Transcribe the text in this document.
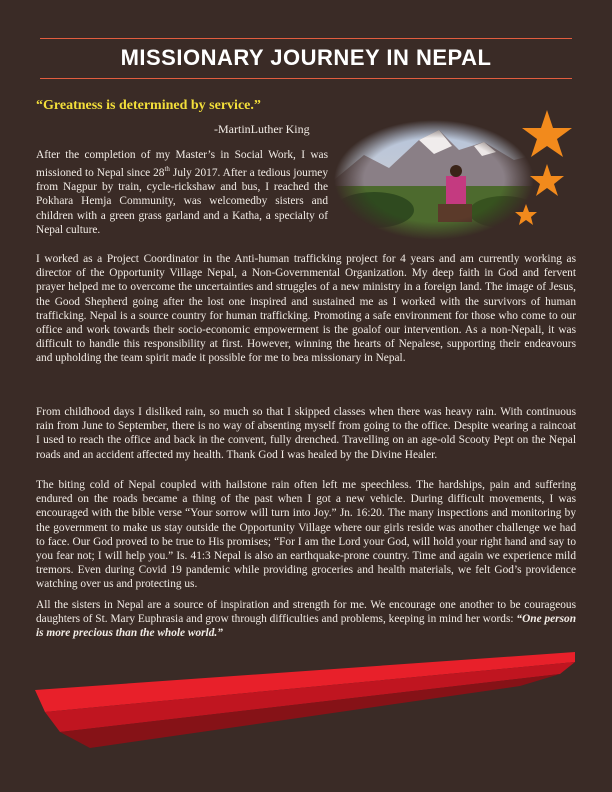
MISSIONARY JOURNEY IN NEPAL
“Greatness is determined by service.”
-MartinLuther King

After the completion of my Master’s in Social Work, I was missioned to Nepal since 28th July 2017. After a tedious journey from Nagpur by train, cycle-rickshaw and bus, I reached the Pokhara Hemja Community, was welcomedby sisters and children with a green grass garland and a Katha, a specialty of Nepal culture.

I worked as a Project Coordinator in the Anti-human trafficking project for 4 years and am currently working as director of the Opportunity Village Nepal, a Non-Governmental Organization. My deep faith in God and fervent prayer helped me to overcome the uncertainties and struggles of a new ministry in a foreign land. The image of Jesus, the Good Shepherd going after the lost one inspired and sustained me as I worked with the survivors of human trafficking. Nepal is a source country for human trafficking. Promoting a safe environment for those who come to our office and work towards their socio-economic empowerment is the goalof our intervention. As a non-Nepali, it was difficult to handle this responsibility at first. However, winning the hearts of Nepalese, supporting their endeavours and upholding the team spirit made it possible for me to bea missionary in Nepal.

From childhood days I disliked rain, so much so that I skipped classes when there was heavy rain. With continuous rain from June to September, there is no way of absenting myself from going to the office. Despite wearing a raincoat I used to reach the office and back in the convent, fully drenched. Travelling on an age-old Scooty Pept on the Nepal roads and an accident affected my health. Thank God I was healed by the Divine Healer.

The biting cold of Nepal coupled with hailstone rain often left me speechless. The hardships, pain and suffering endured on the roads became a thing of the past when I got a new vehicle. During difficult movements, I was encouraged with the bible verse “Your sorrow will turn into Joy.” Jn. 16:20. The many inspections and monitoring by the government to make us stay outside the Opportunity Village where our girls reside was another challenge we had to face. Our God proved to be true to His promises; “For I am the Lord your God, will hold your right hand and say to you fear not; I will help you.” Is. 41:3 Nepal is also an earthquake-prone country. Time and again we experience mild tremors. Even during Covid 19 pandemic while providing groceries and health materials, we felt God’s providence watching over us and protecting us.

All the sisters in Nepal are a source of inspiration and strength for me. We encourage one another to be courageous daughters of St. Mary Euphrasia and grow through difficulties and problems, keeping in mind her words: “One person is more precious than the whole world.”
